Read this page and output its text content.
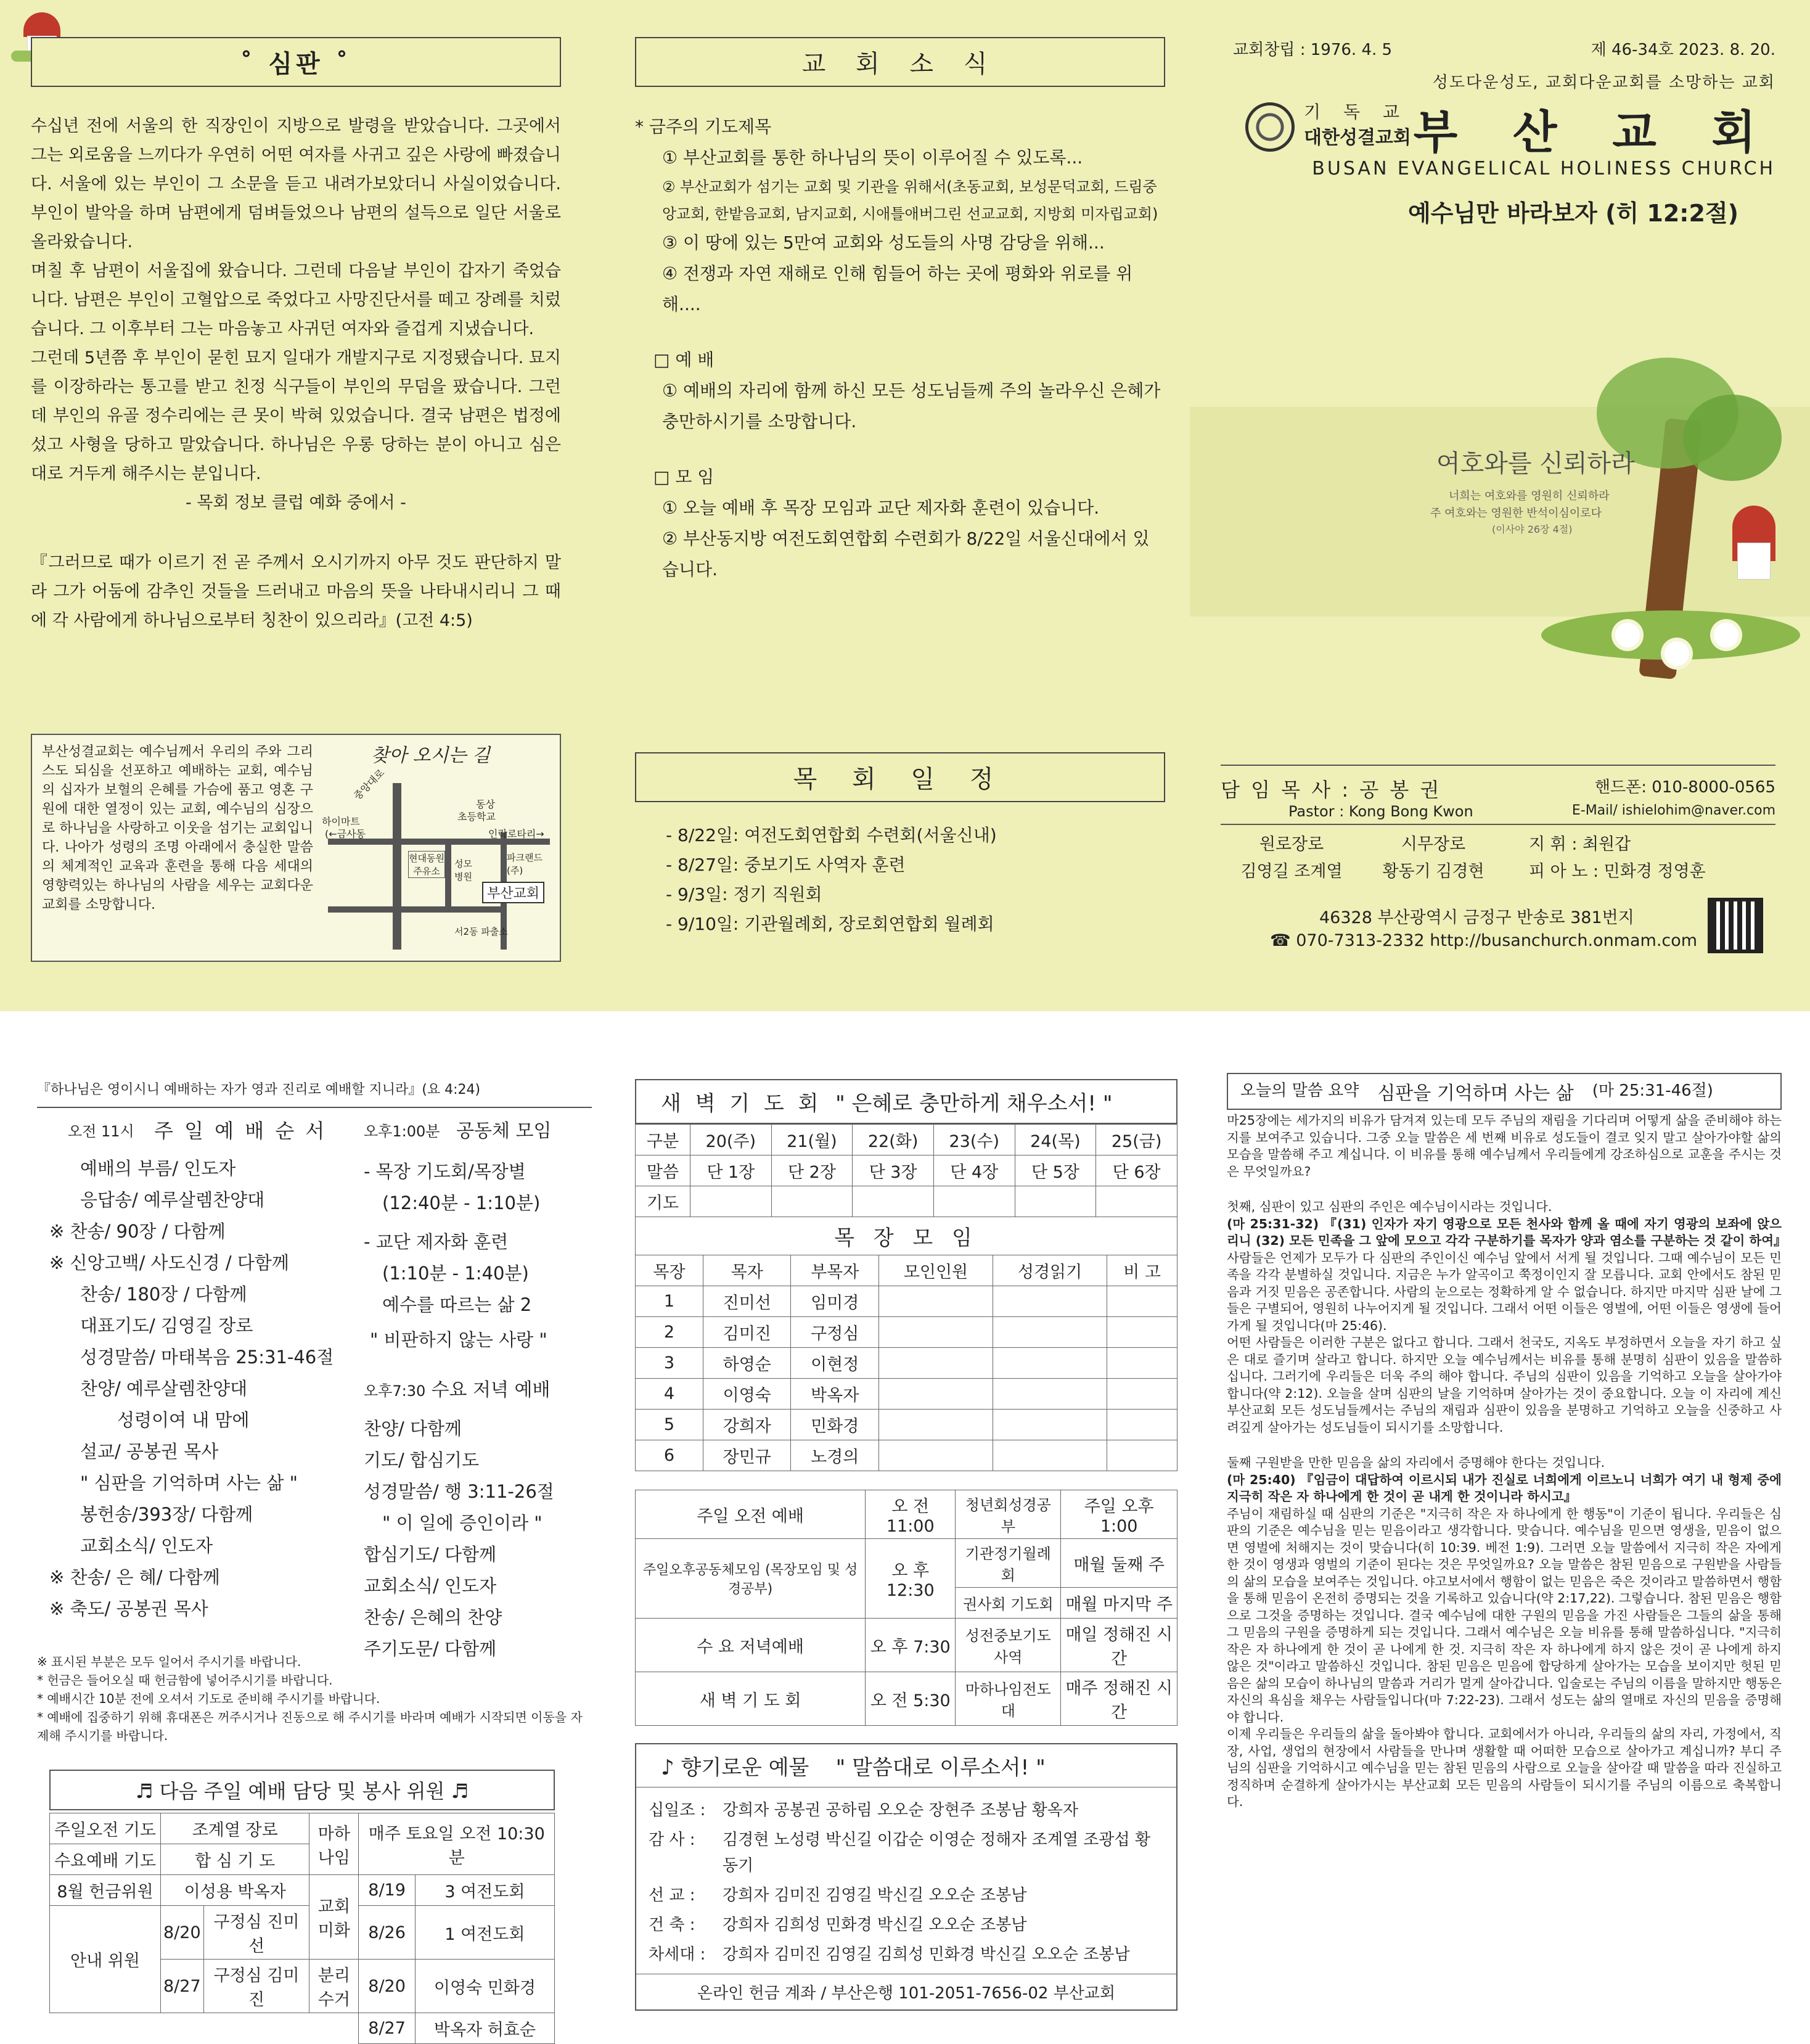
˚ 심판 ˚

수십년 전에 서울의 한 직장인이 지방으로 발령을 받았습니다. 그곳에서 그는 외로움을 느끼다가 우연히 어떤 여자를 사귀고 깊은 사랑에 빠졌습니다. 서울에 있는 부인이 그 소문을 듣고 내려가보았더니 사실이었습니다. 부인이 발악을 하며 남편에게 덤벼들었으나 남편의 설득으로 일단 서울로 올라왔습니다.

며칠 후 남편이 서울집에 왔습니다. 그런데 다음날 부인이 갑자기 죽었습니다. 남편은 부인이 고혈압으로 죽었다고 사망진단서를 떼고 장례를 치렀습니다. 그 이후부터 그는 마음놓고 사귀던 여자와 즐겁게 지냈습니다.

그런데 5년쯤 후 부인이 묻힌 묘지 일대가 개발지구로 지정됐습니다. 묘지를 이장하라는 통고를 받고 친정 식구들이 부인의 무덤을 팠습니다. 그런데 부인의 유골 정수리에는 큰 못이 박혀 있었습니다. 결국 남편은 법정에 섰고 사형을 당하고 말았습니다. 하나님은 우롱 당하는 분이 아니고 심은 대로 거두게 해주시는 분입니다.

- 목회 정보 클럽 예화 중에서 -

『그러므로 때가 이르기 전 곧 주께서 오시기까지 아무 것도 판단하지 말라 그가 어둠에 감추인 것들을 드러내고 마음의 뜻을 나타내시리니 그 때에 각 사람에게 하나님으로부터 칭찬이 있으리라』(고전 4:5)
부산성결교회는 예수님께서 우리의 주와 그리스도 되심을 선포하고 예배하는 교회, 예수님의 십자가 보혈의 은혜를 가슴에 품고 영혼 구원에 대한 열정이 있는 교회, 예수님의 심장으로 하나님을 사랑하고 이웃을 섬기는 교회입니다. 나아가 성령의 조명 아래에서 충실한 말씀의 체계적인 교육과 훈련을 통해 다음 세대의 영향력있는 하나님의 사람을 세우는 교회다운 교회를 소망합니다.
찾아 오시는 길
중앙대로
하이마트
(←금사동
동상
초등학교
인락로타리→
파크랜드(주)
현대동원 주유소
성모병원
부산교회
서2동 파출소
교 회 소 식
* 금주의 기도제목
① 부산교회를 통한 하나님의 뜻이 이루어질 수 있도록...
② 부산교회가 섬기는 교회 및 기관을 위해서(초동교회, 보성문덕교회, 드림중앙교회, 한밭음교회, 남지교회, 시애틀애버그린 선교교회, 지방회 미자립교회)
③ 이 땅에 있는 5만여 교회와 성도들의 사명 감당을 위해...
④ 전쟁과 자연 재해로 인해 힘들어 하는 곳에 평화와 위로를 위해....
□ 예 배
① 예배의 자리에 함께 하신 모든 성도님들께 주의 놀라우신 은혜가 충만하시기를 소망합니다.
□ 모 임
① 오늘 예배 후 목장 모임과 교단 제자화 훈련이 있습니다.
② 부산동지방 여전도회연합회 수련회가 8/22일 서울신대에서 있습니다.
목 회 일 정
- 8/22일: 여전도회연합회 수련회(서울신내)
- 8/27일: 중보기도 사역자 훈련
- 9/3일: 정기 직원회
- 9/10일: 기관월례회, 장로회연합회 월례회
교회창립 : 1976. 4. 5	제 46-34호 2023. 8. 20.
성도다운성도, 교회다운교회를 소망하는 교회
기 독 교
대한성결교회 부 산 교 회
BUSAN EVANGELICAL HOLINESS CHURCH
예수님만 바라보자 (히 12:2절)
여호와를 신뢰하라
너희는 여호와를 영원히 신뢰하라
주 여호와는 영원한 반석이심이로다
(이사야 26장 4절)
담 임 목 사 : 공 봉 권	핸드폰: 010-8000-0565
Pastor : Kong Bong Kwon	E-Mail/ ishielohim@naver.com
원로장로
김영길 조계열
시무장로
황동기 김경현
지 휘 : 최원갑
피 아 노 : 민화경 정영훈
46328 부산광역시 금정구 반송로 381번지
☎ 070-7313-2332 http://busanchurch.onmam.com
『하나님은 영이시니 예배하는 자가 영과 진리로 예배할 지니라』(요 4:24)
오전 11시 주 일 예 배 순 서 오후1:00분 공동체 모임
예배의 부름/ 인도자
응답송/ 예루살렘찬양대
※ 찬송/ 90장 / 다함께
※ 신앙고백/ 사도신경 / 다함께
찬송/ 180장 / 다함께
대표기도/ 김영길 장로
성경말씀/ 마태복음 25:31-46절
찬양/ 예루살렘찬양대
성령이여 내 맘에
설교/ 공봉권 목사
" 심판을 기억하며 사는 삶 "
봉헌송/393장/ 다함께
교회소식/ 인도자
※ 찬송/ 은 혜/ 다함께
※ 축도/ 공봉권 목사
- 목장 기도회/목장별
(12:40분 - 1:10분)
- 교단 제자화 훈련
(1:10분 - 1:40분)
예수를 따르는 삶 2
" 비판하지 않는 사랑 "
오후7:30 수요 저녁 예배
찬양/ 다함께
기도/ 합심기도
성경말씀/ 행 3:11-26절
" 이 일에 증인이라 "
합심기도/ 다함께
교회소식/ 인도자
찬송/ 은혜의 찬양
주기도문/ 다함께
※ 표시된 부분은 모두 일어서 주시기를 바랍니다.
* 헌금은 들어오실 때 헌금함에 넣어주시기를 바랍니다.
* 예배시간 10분 전에 오셔서 기도로 준비해 주시기를 바랍니다.
* 예배에 집중하기 위해 휴대폰은 꺼주시거나 진동으로 해 주시기를 바라며 예배가 시작되면 이동을 자제해 주시기를 바랍니다.
♬ 다음 주일 예배 담당 및 봉사 위원 ♬
주일오전 기도	조계열 장로		마하 나임	매주 토요일 오전 10:30분	
수요예배 기도	합 심 기 도				
8월 헌금위원	이성용 박옥자		교회 미화	8/19	3 여전도회
안내 위원	8/20	구정심 진미선		8/26	1 여전도회
	8/27	구정심 김미진	분리 수거	8/20	이영숙 민화경
				8/27	박옥자 허효순
새 벽 기 도 회 " 은혜로 충만하게 채우소서! "
구분	20(주)	21(월)	22(화)	23(수)	24(목)	25(금)
말씀	단 1장	단 2장	단 3장	단 4장	단 5장	단 6장
기도						
목 장 모 임
목장	목자	부목자	모인인원	성경읽기	비 고
1	진미선	임미경			
2	김미진	구정심			
3	하영순	이현정			
4	이영숙	박옥자			
5	강희자	민화경			
6	장민규	노경의			
주일 오전 예배	오 전 11:00	청년회성경공부	주일 오후 1:00
주일오후공동체모임 (목장모임 및 성경공부)	오 후 12:30	기관정기월례회	매월 둘째 주
		권사회 기도회	매월 마지막 주
수 요 저녁예배	오 후 7:30	성전중보기도사역	매일 정해진 시간
새 벽 기 도 회	오 전 5:30	마하나임전도대	매주 정해진 시간
♪ 향기로운 예물 " 말씀대로 이루소서! "
십일조 :	강희자 공봉권 공하림 오오순 장현주 조봉남 황옥자
감 사 :	김경현 노성령 박신길 이갑순 이영순 정해자 조계열 조광섭 황동기
선 교 :	강희자 김미진 김영길 박신길 오오순 조봉남
건 축 :	강희자 김희성 민화경 박신길 오오순 조봉남
차세대 :	강희자 김미진 김영길 김희성 민화경 박신길 오오순 조봉남
온라인 헌금 계좌 / 부산은행 101-2051-7656-02 부산교회
오늘의 말씀 요약 심판을 기억하며 사는 삶 (마 25:31-46절)
마25장에는 세가지의 비유가 담겨져 있는데 모두 주님의 재림을 기다리며 어떻게 삶을 준비해야 하는 지를 보여주고 있습니다. 그중 오늘 말씀은 세 번째 비유로 성도들이 결코 잊지 말고 살아가야할 삶의 모습을 말씀해 주고 계십니다. 이 비유를 통해 예수님께서 우리들에게 강조하심으로 교훈을 주시는 것은 무엇일까요?
첫째, 심판이 있고 심판의 주인은 예수님이시라는 것입니다.
(마 25:31-32) 『(31) 인자가 자기 영광으로 모든 천사와 함께 올 때에 자기 영광의 보좌에 앉으리니 (32) 모든 민족을 그 앞에 모으고 각각 구분하기를 목자가 양과 염소를 구분하는 것 같이 하여』
사람들은 언제가 모두가 다 심판의 주인이신 예수님 앞에서 서게 될 것입니다. 그때 예수님이 모든 민족을 각각 분별하실 것입니다. 지금은 누가 알곡이고 쭉정이인지 잘 모릅니다. 교회 안에서도 참된 믿음과 거짓 믿음은 공존합니다. 사람의 눈으로는 정확하게 알 수 없습니다. 하지만 마지막 심판 날에 그들은 구별되어, 영원히 나누어지게 될 것입니다. 그래서 어떤 이들은 영벌에, 어떤 이들은 영생에 들어가게 될 것입니다(마 25:46).
어떤 사람들은 이러한 구분은 없다고 합니다. 그래서 천국도, 지옥도 부정하면서 오늘을 자기 하고 싶은 대로 즐기며 살라고 합니다. 하지만 오늘 예수님께서는 비유를 통해 분명히 심판이 있음을 말씀하십니다. 그러기에 우리들은 더욱 주의 해야 합니다. 주님의 심판이 있음을 기억하고 오늘을 살아가야 합니다(약 2:12). 오늘을 살며 심판의 날을 기억하며 살아가는 것이 중요합니다. 오늘 이 자리에 계신 부산교회 모든 성도님들께서는 주님의 재림과 심판이 있음을 분명하고 기억하고 오늘을 신중하고 사려깊게 살아가는 성도님들이 되시기를 소망합니다.
둘째 구원받을 만한 믿음을 삶의 자리에서 증명해야 한다는 것입니다.
(마 25:40) 『임금이 대답하여 이르시되 내가 진실로 너희에게 이르노니 너희가 여기 내 형제 중에 지극히 작은 자 하나에게 한 것이 곧 내게 한 것이니라 하시고』
주님이 재림하실 때 심판의 기준은 "지극히 작은 자 하나에게 한 행동"이 기준이 됩니다. 우리들은 심판의 기준은 예수님을 믿는 믿음이라고 생각합니다. 맞습니다. 예수님을 믿으면 영생을, 믿음이 없으면 영벌에 처해지는 것이 맞습니다(히 10:39. 베전 1:9). 그러면 오늘 말씀에서 지극히 작은 자에게 한 것이 영생과 영벌의 기준이 된다는 것은 무엇일까요? 오늘 말씀은 참된 믿음으로 구원받을 사람들의 삶의 모습을 보여주는 것입니다. 야고보서에서 행함이 없는 믿음은 죽은 것이라고 말씀하면서 행함을 통해 믿음이 온전히 증명되는 것을 기록하고 있습니다(약 2:17,22). 그렇습니다. 참된 믿음은 행함으로 그것을 증명하는 것입니다. 결국 예수님에 대한 구원의 믿음을 가진 사람들은 그들의 삶을 통해 그 믿음의 구원을 증명하게 되는 것입니다. 그래서 예수님은 오늘 비유를 통해 말씀하십니다. "지극히 작은 자 하나에게 한 것이 곧 나에게 한 것. 지극히 작은 자 하나에게 하지 않은 것이 곧 나에게 하지 않은 것"이라고 말씀하신 것입니다. 참된 믿음은 믿음에 합당하게 살아가는 모습을 보이지만 헛된 믿음은 삶의 모습이 하나님의 말씀과 거리가 멀게 살아갑니다. 입술로는 주님의 이름을 말하지만 행동은 자신의 욕심을 채우는 사람들입니다(마 7:22-23). 그래서 성도는 삶의 열매로 자신의 믿음을 증명해야 합니다.
이제 우리들은 우리들의 삶을 돌아봐야 합니다. 교회에서가 아니라, 우리들의 삶의 자리, 가정에서, 직장, 사업, 생업의 현장에서 사람들을 만나며 생활할 때 어떠한 모습으로 살아가고 계십니까? 부디 주님의 심판을 기억하시고 예수님을 믿는 참된 믿음의 사람으로 오늘을 살아갈 때 말씀을 따라 진실하고 정직하며 순결하게 살아가시는 부산교회 모든 믿음의 사람들이 되시기를 주님의 이름으로 축복합니다.
